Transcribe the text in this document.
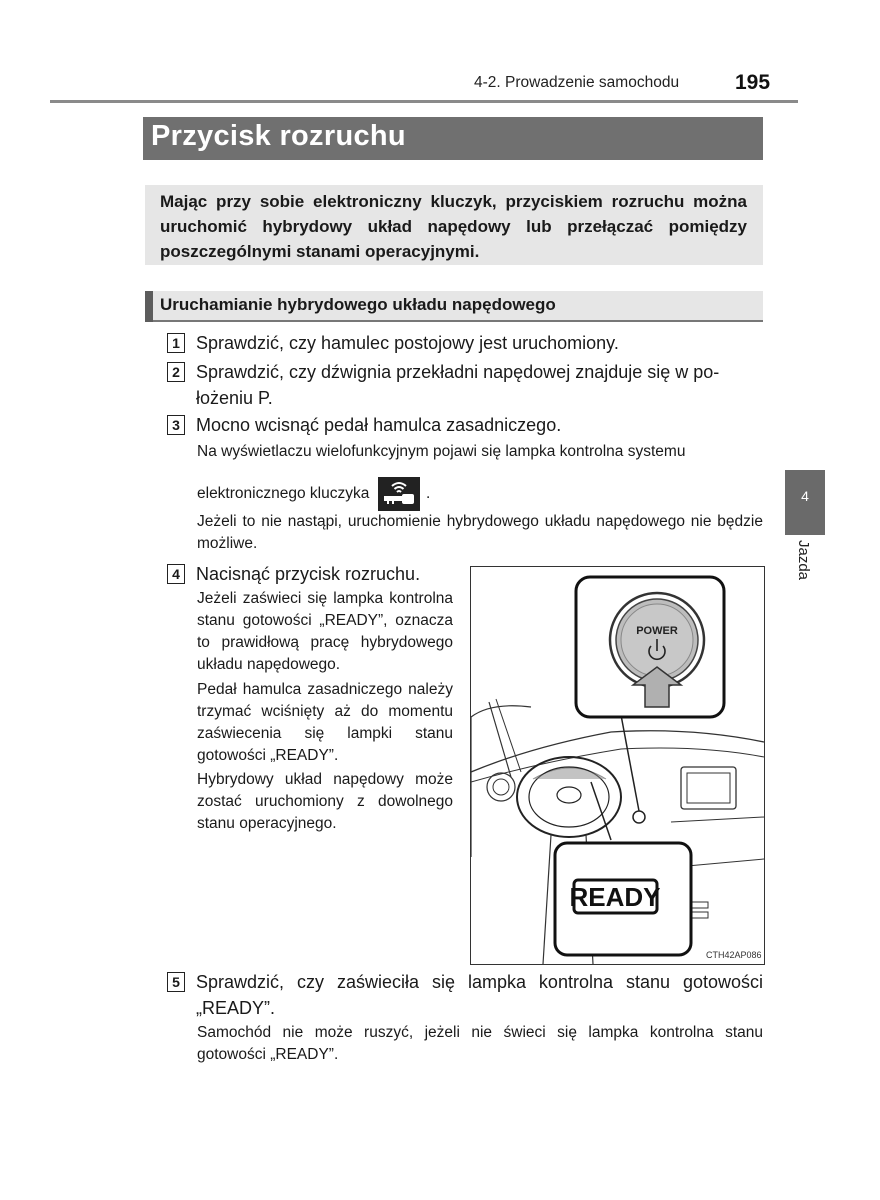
4-2. Prowadzenie samochodu	195
Przycisk rozruchu
Mając przy sobie elektroniczny kluczyk, przyciskiem rozruchu można uruchomić hybrydowy układ napędowy lub przełączać pomiędzy poszczególnymi stanami operacyjnymi.
Uruchamianie hybrydowego układu napędowego
1 Sprawdzić, czy hamulec postojowy jest uruchomiony.
2 Sprawdzić, czy dźwignia przekładni napędowej znajduje się w po-
łożeniu P.
3 Mocno wcisnąć pedał hamulca zasadniczego.
Na wyświetlaczu wielofunkcyjnym pojawi się lampka kontrolna systemu
elektronicznego kluczyka	.
Jeżeli to nie nastąpi, uruchomienie hybrydowego układu napędowego nie będzie możliwe.
4 Nacisnąć przycisk rozruchu.
Jeżeli zaświeci się lampka kontrolna stanu gotowości „READY”, oznacza to prawidłową pracę hybrydowego układu napędowego.
Pedał hamulca zasadniczego należy trzymać wciśnięty aż do momentu zaświecenia się lampki stanu gotowości „READY”.
Hybrydowy układ napędowy może zostać uruchomiony z dowolnego stanu operacyjnego.
POWER
READY
CTH42AP086
5 Sprawdzić, czy zaświeciła się lampka kontrolna stanu gotowości „READY”.
Samochód nie może ruszyć, jeżeli nie świeci się lampka kontrolna stanu gotowości „READY”.
4
Jazda
